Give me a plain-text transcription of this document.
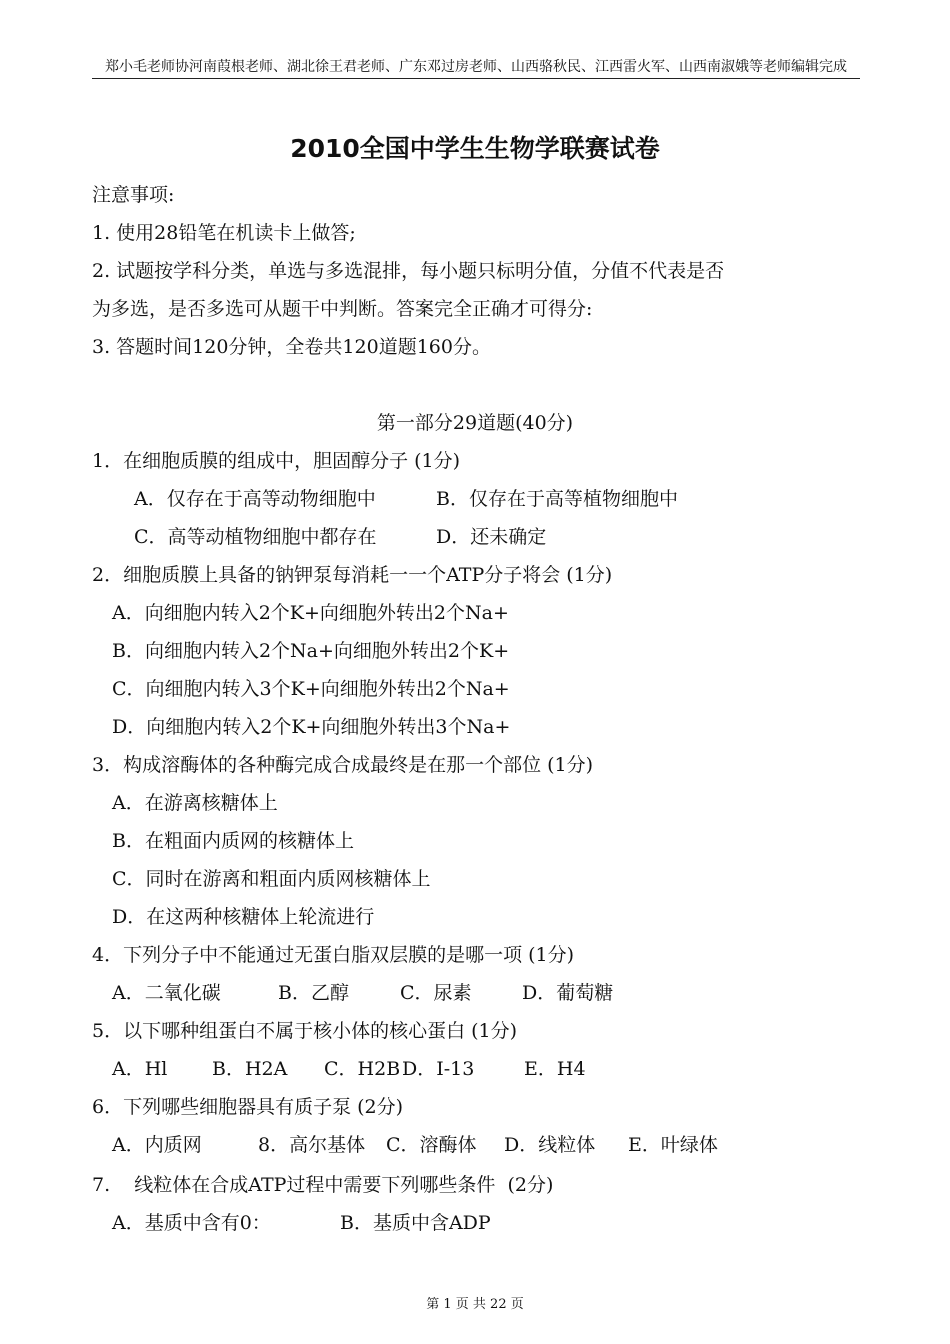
郑小毛老师协河南葭根老师、湖北徐王君老师、广东邓过房老师、山西骆秋民、江西雷火军、山西南淑娥等老师编辑完成
2010全国中学生生物学联赛试卷
注意事项:
1. 使用28铅笔在机读卡上做答;
2. 试题按学科分类，单选与多选混排，每小题只标明分值，分值不代表是否
为多选，是否多选可从题干中判断。答案完全正确才可得分:
3. 答题时间120分钟，全卷共120道题160分。
第一部分29道题(40分)
1．在细胞质膜的组成中，胆固醇分子 (1分)
A．仅存在于高等动物细胞中	B．仅存在于高等植物细胞中
C．高等动植物细胞中都存在	D．还未确定
2．细胞质膜上具备的钠钾泵每消耗一一个ATP分子将会 (1分)
A．向细胞内转入2个K+向细胞外转出2个Na+
B．向细胞内转入2个Na+向细胞外转出2个K+
C．向细胞内转入3个K+向细胞外转出2个Na+
D．向细胞内转入2个K+向细胞外转出3个Na+
3．构成溶酶体的各种酶完成合成最终是在那一个部位 (1分)
A．在游离核糖体上
B．在粗面内质网的核糖体上
C．同时在游离和粗面内质网核糖体上
D．在这两种核糖体上轮流进行
4．下列分子中不能通过无蛋白脂双层膜的是哪一项 (1分)
A．二氧化碳	B．乙醇	C．尿素	D．葡萄糖
5．以下哪种组蛋白不属于核小体的核心蛋白 (1分)
A．Hl B．H2A C．H2BD．I-13	E．H4
6．下列哪些细胞器具有质子泵 (2分)
A．内质网	8．高尔基体 C．溶酶体 D．线粒体 E．叶绿体
7.    线粒体在合成ATP过程中需要下列哪些条件  (2分)
A．基质中含有0：	B．基质中含ADP
第 1 页 共 22 页
